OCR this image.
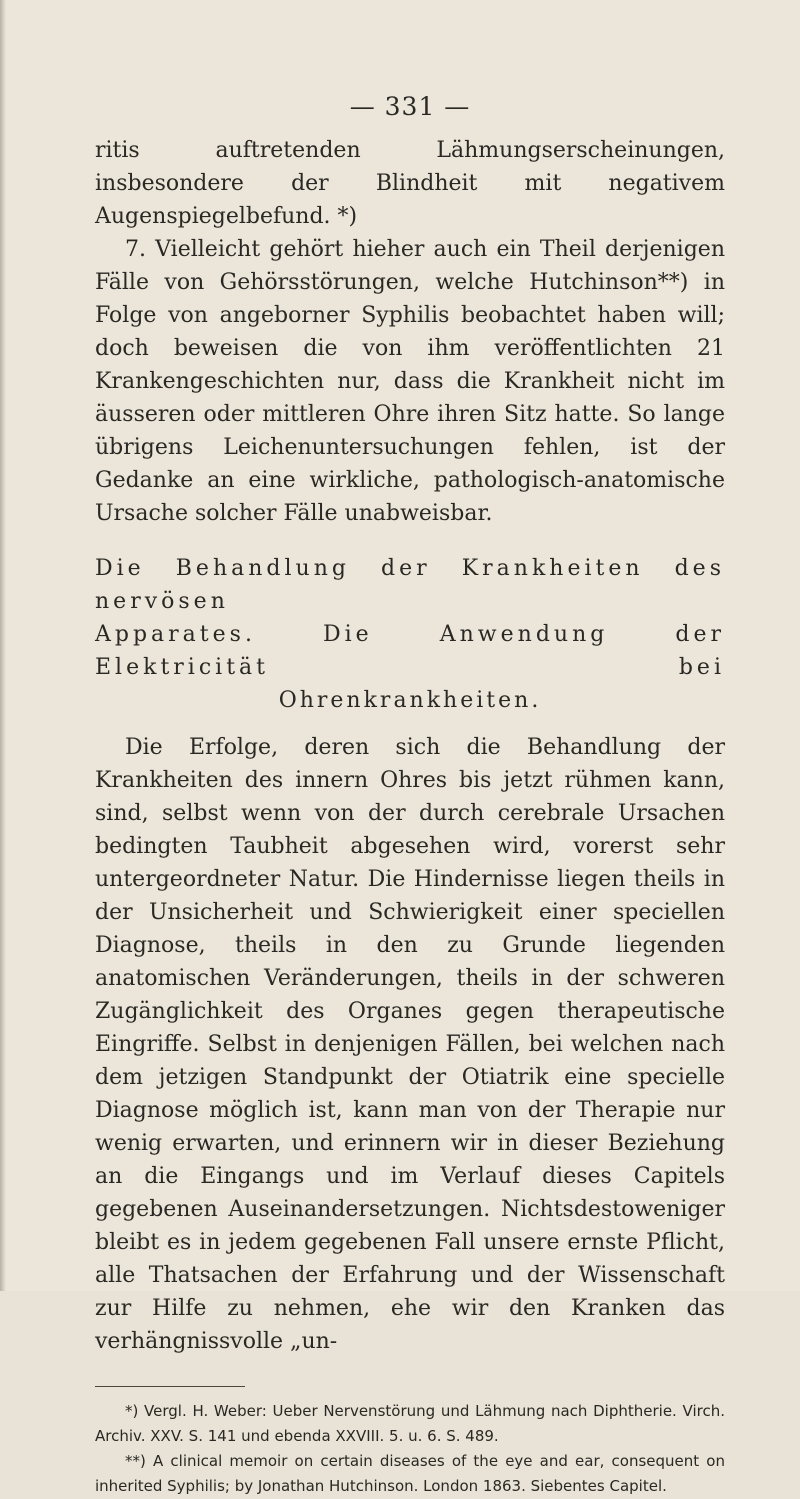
— 331 —

ritis auftretenden Lähmungserscheinungen, insbesondere der Blindheit mit negativem Augenspiegelbefund. *)

7. Vielleicht gehört hieher auch ein Theil derjenigen Fälle von Gehörsstörungen, welche Hutchinson**) in Folge von angeborner Syphilis beobachtet haben will; doch beweisen die von ihm veröffentlichten 21 Krankengeschichten nur, dass die Krankheit nicht im äusseren oder mittleren Ohre ihren Sitz hatte. So lange übrigens Leichenuntersuchungen fehlen, ist der Gedanke an eine wirkliche, pathologisch-anatomische Ursache solcher Fälle unabweisbar.

Die Behandlung der Krankheiten des nervösen
Apparates. Die Anwendung der Elektricität bei
Ohrenkrankheiten.

Die Erfolge, deren sich die Behandlung der Krankheiten des innern Ohres bis jetzt rühmen kann, sind, selbst wenn von der durch cerebrale Ursachen bedingten Taubheit abgesehen wird, vorerst sehr untergeordneter Natur. Die Hindernisse liegen theils in der Unsicherheit und Schwierigkeit einer speciellen Diagnose, theils in den zu Grunde liegenden anatomischen Veränderungen, theils in der schweren Zugänglichkeit des Organes gegen therapeutische Eingriffe. Selbst in denjenigen Fällen, bei welchen nach dem jetzigen Standpunkt der Otiatrik eine specielle Diagnose möglich ist, kann man von der Therapie nur wenig erwarten, und erinnern wir in dieser Beziehung an die Eingangs und im Verlauf dieses Capitels gegebenen Auseinandersetzungen. Nichtsdestoweniger bleibt es in jedem gegebenen Fall unsere ernste Pflicht, alle Thatsachen der Erfahrung und der Wissenschaft zur Hilfe zu nehmen, ehe wir den Kranken das verhängnissvolle „un-

*) Vergl. H. Weber: Ueber Nervenstörung und Lähmung nach Diphtherie. Virch. Archiv. XXV. S. 141 und ebenda XXVIII. 5. u. 6. S. 489.

**) A clinical memoir on certain diseases of the eye and ear, consequent on inherited Syphilis; by Jonathan Hutchinson. London 1863. Siebentes Capitel.
